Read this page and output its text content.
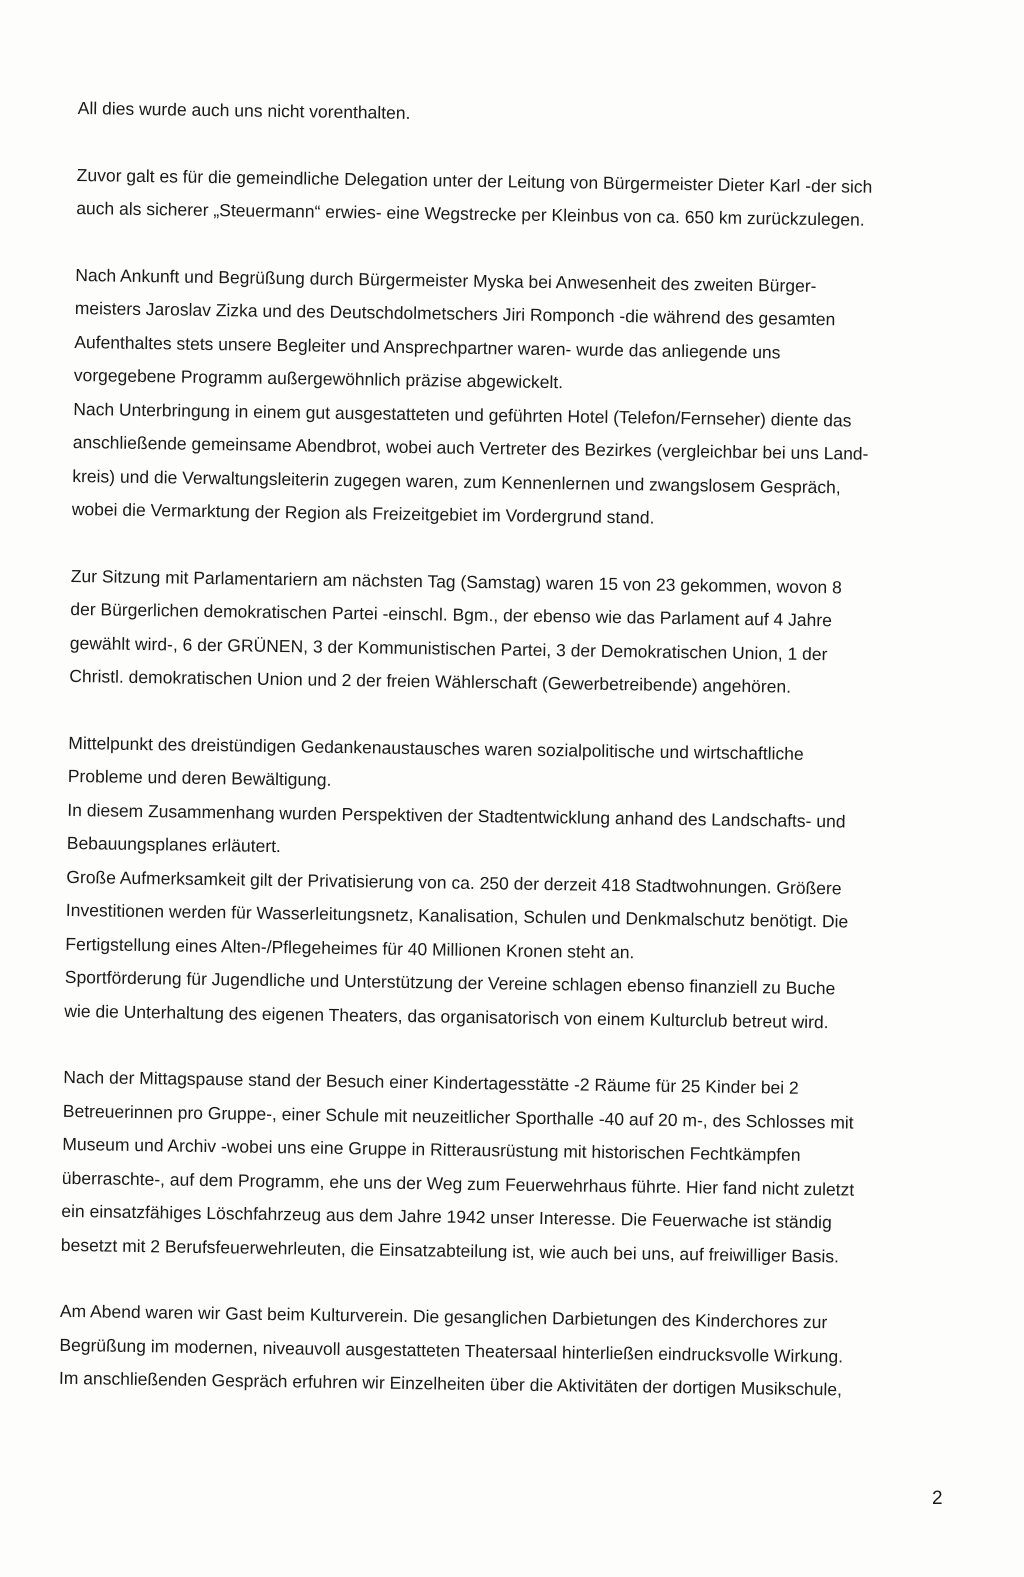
All dies wurde auch uns nicht vorenthalten.
Zuvor galt es für die gemeindliche Delegation unter der Leitung von Bürgermeister Dieter Karl -der sich
auch als sicherer „Steuermann“ erwies- eine Wegstrecke per Kleinbus von ca. 650 km zurückzulegen.
Nach Ankunft und Begrüßung durch Bürgermeister Myska bei Anwesenheit des zweiten Bürger-
meisters Jaroslav Zizka und des Deutschdolmetschers Jiri Romponch -die während des gesamten
Aufenthaltes stets unsere Begleiter und Ansprechpartner waren- wurde das anliegende uns
vorgegebene Programm außergewöhnlich präzise abgewickelt.
Nach Unterbringung in einem gut ausgestatteten und geführten Hotel (Telefon/Fernseher) diente das
anschließende gemeinsame Abendbrot, wobei auch Vertreter des Bezirkes (vergleichbar bei uns Land-
kreis) und die Verwaltungsleiterin zugegen waren, zum Kennenlernen und zwangslosem Gespräch,
wobei die Vermarktung der Region als Freizeitgebiet im Vordergrund stand.
Zur Sitzung mit Parlamentariern am nächsten Tag (Samstag) waren 15 von 23 gekommen, wovon 8
der Bürgerlichen demokratischen Partei -einschl. Bgm., der ebenso wie das Parlament auf 4 Jahre
gewählt wird-, 6 der GRÜNEN, 3 der Kommunistischen Partei, 3 der Demokratischen Union, 1 der
Christl. demokratischen Union und 2 der freien Wählerschaft (Gewerbetreibende) angehören.
Mittelpunkt des dreistündigen Gedankenaustausches waren sozialpolitische und wirtschaftliche
Probleme und deren Bewältigung.
In diesem Zusammenhang wurden Perspektiven der Stadtentwicklung anhand des Landschafts- und
Bebauungsplanes erläutert.
Große Aufmerksamkeit gilt der Privatisierung von ca. 250 der derzeit 418 Stadtwohnungen. Größere
Investitionen werden für Wasserleitungsnetz, Kanalisation, Schulen und Denkmalschutz benötigt. Die
Fertigstellung eines Alten-/Pflegeheimes für 40 Millionen Kronen steht an.
Sportförderung für Jugendliche und Unterstützung der Vereine schlagen ebenso finanziell zu Buche
wie die Unterhaltung des eigenen Theaters, das organisatorisch von einem Kulturclub betreut wird.
Nach der Mittagspause stand der Besuch einer Kindertagesstätte -2 Räume für 25 Kinder bei 2
Betreuerinnen pro Gruppe-, einer Schule mit neuzeitlicher Sporthalle -40 auf 20 m-, des Schlosses mit
Museum und Archiv -wobei uns eine Gruppe in Ritterausrüstung mit historischen Fechtkämpfen
überraschte-, auf dem Programm, ehe uns der Weg zum Feuerwehrhaus führte. Hier fand nicht zuletzt
ein einsatzfähiges Löschfahrzeug aus dem Jahre 1942 unser Interesse. Die Feuerwache ist ständig
besetzt mit 2 Berufsfeuerwehrleuten, die Einsatzabteilung ist, wie auch bei uns, auf freiwilliger Basis.
Am Abend waren wir Gast beim Kulturverein. Die gesanglichen Darbietungen des Kinderchores zur
Begrüßung im modernen, niveauvoll ausgestatteten Theatersaal hinterließen eindrucksvolle Wirkung.
Im anschließenden Gespräch erfuhren wir Einzelheiten über die Aktivitäten der dortigen Musikschule,
2
